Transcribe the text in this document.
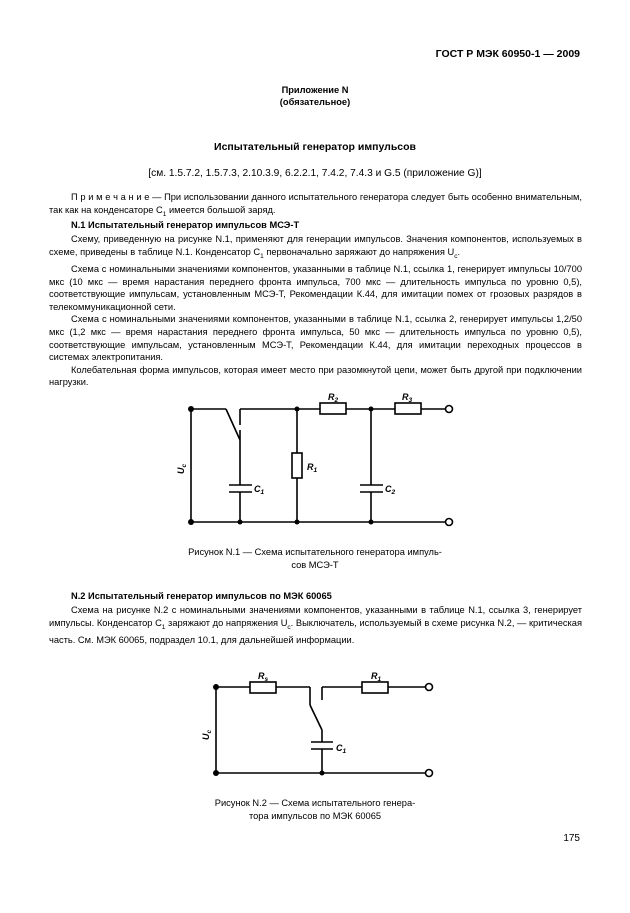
ГОСТ Р МЭК 60950-1 — 2009
Приложение N
(обязательное)
Испытательный генератор импульсов
[см. 1.5.7.2, 1.5.7.3, 2.10.3.9, 6.2.2.1, 7.4.2, 7.4.3 и G.5 (приложение G)]

П р и м е ч а н и е — При использовании данного испытательного генератора следует быть особенно внимательным, так как на конденсаторе $C_1$ имеется большой заряд.

N.1 Испытательный генератор импульсов МСЭ-Т

Схему, приведенную на рисунке N.1, применяют для генерации импульсов. Значения компонентов, используемых в схеме, приведены в таблице N.1. Конденсатор $C_1$ первоначально заряжают до напряжения $U_c$.

Схема с номинальными значениями компонентов, указанными в таблице N.1, ссылка 1, генерирует импульсы 10/700 мкс (10 мкс — время нарастания переднего фронта импульса, 700 мкс — длительность импульса по уровню 0,5), соответствующие импульсам, установленным МСЭ-Т, Рекомендации К.44, для имитации помех от грозовых разрядов в телекоммуникационной сети.

Схема с номинальными значениями компонентов, указанными в таблице N.1, ссылка 2, генерирует импульсы 1,2/50 мкс (1,2 мкс — время нарастания переднего фронта импульса, 50 мкс — длительность импульса по уровню 0,5), соответствующие импульсам, установленным МСЭ-Т, Рекомендации К.44, для имитации переходных процессов в системах электропитания.

Колебательная форма импульсов, которая имеет место при разомкнутой цепи, может быть другой при подключении нагрузки.

$U_c$
$C_1$
$R_1$
$R_2$	$R_3$
$C_2$
$U_c$
$R_s$	$R_1$
$C_1$
Рисунок N.1 — Схема испытательного генератора импуль-
сов МСЭ-Т
N.2 Испытательный генератор импульсов по МЭК 60065

Схема на рисунке N.2 с номинальными значениями компонентов, указанными в таблице N.1, ссылка 3, генерирует импульсы. Конденсатор $C_1$ заряжают до напряжения $U_c$. Выключатель, используемый в схеме рисунка N.2, — критическая часть. См. МЭК 60065, подраздел 10.1, для дальнейшей информации.

Рисунок N.2 — Схема испытательного генера-
тора импульсов по МЭК 60065
175
